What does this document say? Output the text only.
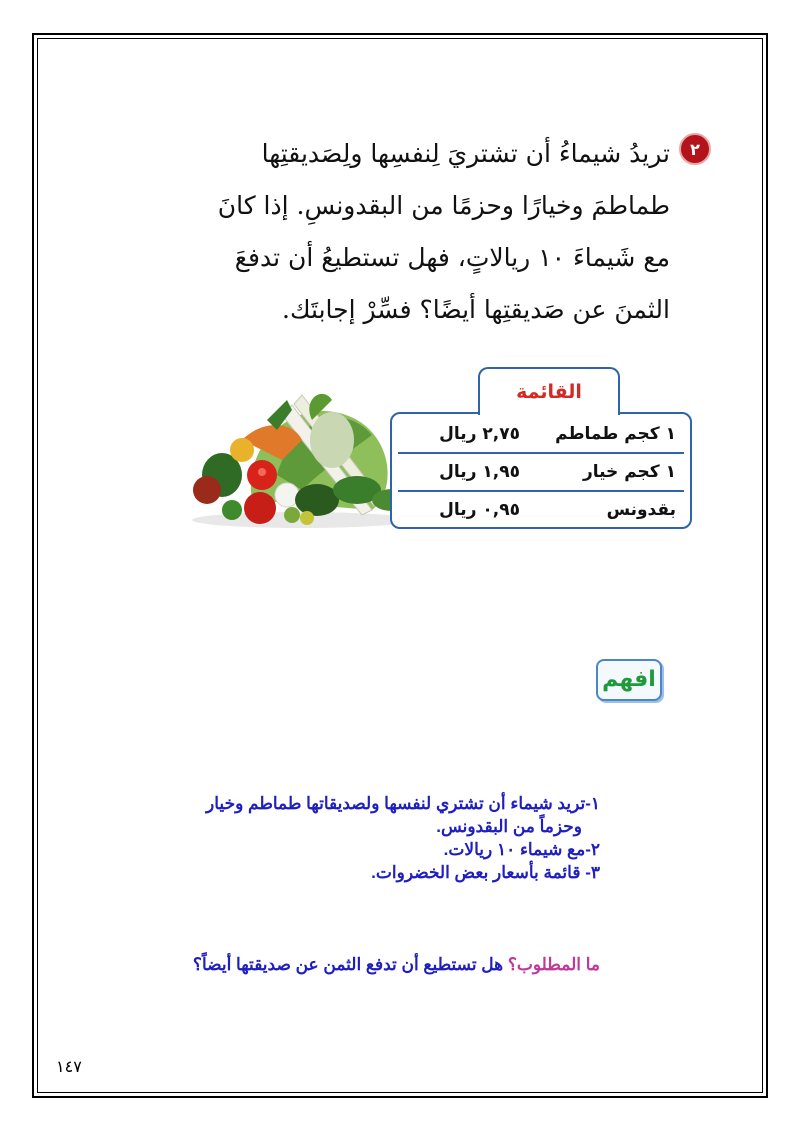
٢
تريدُ شيماءُ أن تشتريَ لِنفسِها ولِصَديقتِها
طماطمَ وخيارًا وحزمًا من البقدونسِ. إذا كانَ
مع شَيماءَ ١٠ ريالاتٍ، فهل تستطيعُ أن تدفعَ
الثمنَ عن صَديقتِها أيضًا؟ فسِّرْ إجابتَك.
القائمة
١ كجم طماطم
٢,٧٥ ريال
١ كجم خيار
١,٩٥ ريال
بقدونس
٠,٩٥ ريال
افهم
١-تريد شيماء أن تشتري لنفسها ولصديقاتها طماطم وخيار
وحزماً من البقدونس.
٢-مع شيماء ١٠ ريالات.
٣- قائمة بأسعار بعض الخضروات.
ما المطلوب؟ هل تستطيع أن تدفع الثمن عن صديقتها أيضاً؟
١٤٧
